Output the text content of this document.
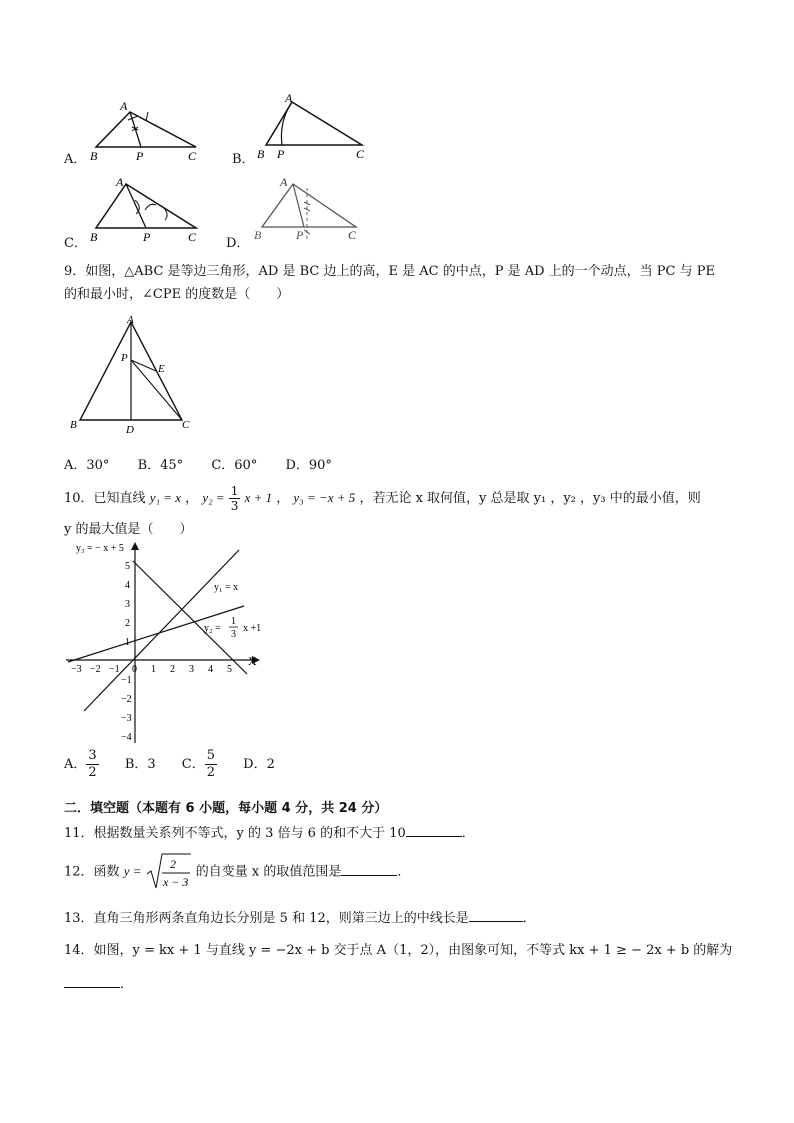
A．
A
B	P	C	B．
A
B P	C
C．
A
B	P	C D．
A
B	P	C
9．如图，△ABC 是等边三角形，AD 是 BC 边上的高，E 是 AC 的中点，P 是 AD 上的一个动点，当 PC 与 PE
的和最小时，∠CPE 的度数是（　　）
A
B	C
D
P
E
A．30° B．45° C．60° D．90°
10．已知直线 y₁ = x ， $y_2 = \frac{1}{3}$ x + 1 ， y₃ = −x + 5 ，若无论 x 取何值，y 总是取 y₁ ，y₂ ，y₃ 中的最小值，则
y 的最大值是（　　）
y₃ = − x + 5
y₁ = x
y₂ =
1
3
x +1
X
−3 −2 −1 0 1 2 3 4 5
5
4
3
2
1
−1
−2
−3
−4
A． $\frac{3}{2}$ B．3 C． $\frac{5}{2}$ D．2
二．填空题（本题有 6 小题，每小题 4 分，共 24 分）
11．根据数量关系列不等式，y 的 3 倍与 6 的和不大于 10	．
12．函数 y = 2
x − 3
的自变量 x 的取值范围是	．
13．直角三角形两条直角边长分别是 5 和 12，则第三边上的中线长是	．
14．如图，y = kx + 1 与直线 y = −2x + b 交于点 A（1，2），由图象可知，不等式 kx + 1 ≥ − 2x + b 的解为
．
